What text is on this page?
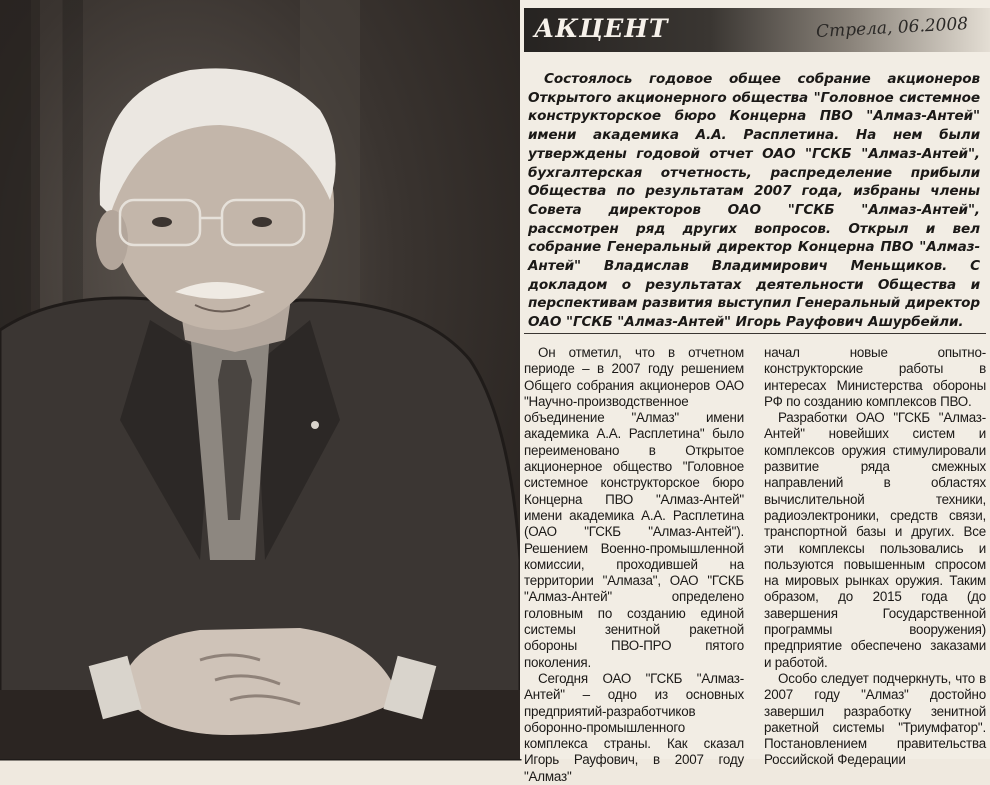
АКЦЕНТ	Стрела, 06.2008

Состоялось годовое общее собрание акционеров Открытого акционерного общества "Головное системное конструкторское бюро Концерна ПВО "Алмаз-Антей" имени академика А.А. Расплетина. На нем были утверждены годовой отчет ОАО "ГСКБ "Алмаз-Антей", бухгалтерская отчетность, распределение прибыли Общества по результатам 2007 года, избраны члены Совета директоров ОАО "ГСКБ "Алмаз-Антей", рассмотрен ряд других вопросов. Открыл и вел собрание Генеральный директор Концерна ПВО "Алмаз-Антей" Владислав Владимирович Меньщиков. С докладом о результатах деятельности Общества и перспективам развития выступил Генеральный директор ОАО "ГСКБ "Алмаз-Антей" Игорь Рауфович Ашурбейли.

Он отметил, что в отчетном периоде – в 2007 году решением Общего собрания акционеров ОАО "Научно-производственное объединение "Алмаз" имени академика А.А. Расплетина" было переименовано в Открытое акционерное общество "Головное системное конструкторское бюро Концерна ПВО "Алмаз-Антей" имени академика А.А. Расплетина (ОАО "ГСКБ "Алмаз-Антей"). Решением Военно-промышленной комиссии, проходившей на территории "Алмаза", ОАО "ГСКБ "Алмаз-Антей" определено головным по созданию единой системы зенитной ракетной обороны ПВО-ПРО пятого поколения.

Сегодня ОАО "ГСКБ "Алмаз-Антей" – одно из основных предприятий-разработчиков оборонно-промышленного комплекса страны. Как сказал Игорь Рауфович, в 2007 году "Алмаз"

начал новые опытно-конструкторские работы в интересах Министерства обороны РФ по созданию комплексов ПВО.

Разработки ОАО "ГСКБ "Алмаз-Антей" новейших систем и комплексов оружия стимулировали развитие ряда смежных направлений в областях вычислительной техники, радиоэлектроники, средств связи, транспортной базы и других. Все эти комплексы пользовались и пользуются повышенным спросом на мировых рынках оружия. Таким образом, до 2015 года (до завершения Государственной программы вооружения) предприятие обеспечено заказами и работой.

Особо следует подчеркнуть, что в 2007 году "Алмаз" достойно завершил разработку зенитной ракетной системы "Триумфатор". Постановлением правительства Российской Федерации
